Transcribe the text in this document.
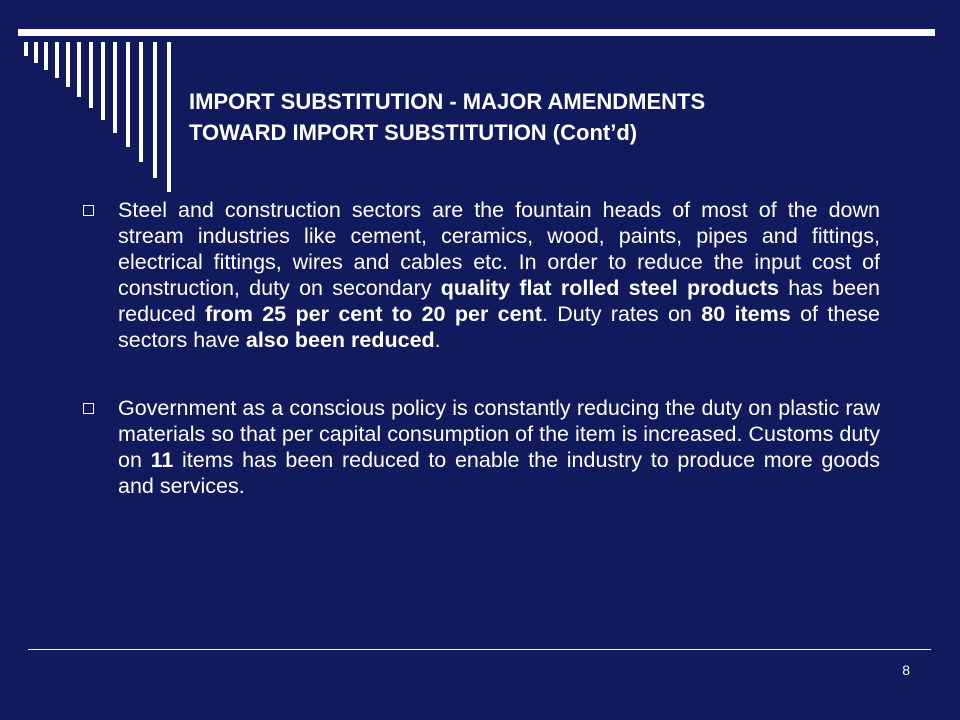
IMPORT SUBSTITUTION - MAJOR AMENDMENTS
TOWARD IMPORT SUBSTITUTION (Cont’d)
Steel and construction sectors are the fountain heads of most of the down stream industries like cement, ceramics, wood, paints, pipes and fittings, electrical fittings, wires and cables etc. In order to reduce the input cost of construction, duty on secondary quality flat rolled steel products has been reduced from 25 per cent to 20 per cent. Duty rates on 80 items of these sectors have also been reduced.
Government as a conscious policy is constantly reducing the duty on plastic raw materials so that per capital consumption of the item is increased. Customs duty on 11 items has been reduced to enable the industry to produce more goods and services.
8
